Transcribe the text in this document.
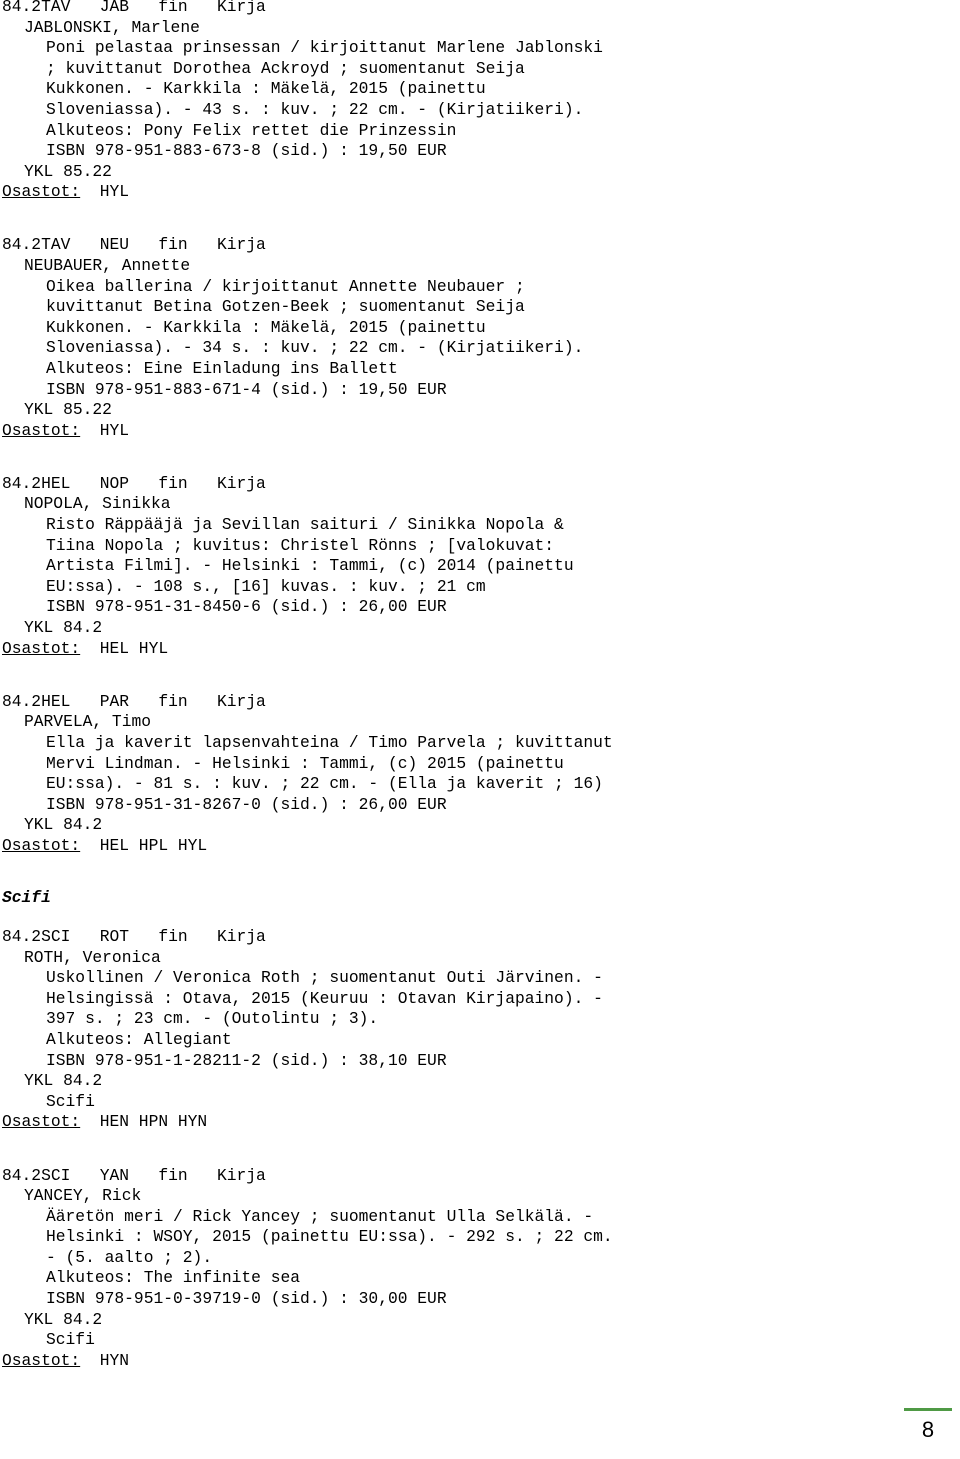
84.2TAV   JAB   fin   Kirja
JABLONSKI, Marlene
Poni pelastaa prinsessan / kirjoittanut Marlene Jablonski
; kuvittanut Dorothea Ackroyd ; suomentanut Seija
Kukkonen. - Karkkila : Mäkelä, 2015 (painettu
Sloveniassa). - 43 s. : kuv. ; 22 cm. - (Kirjatiikeri).
Alkuteos: Pony Felix rettet die Prinzessin
ISBN 978-951-883-673-8 (sid.) : 19,50 EUR
YKL 85.22
Osastot: HYL
84.2TAV   NEU   fin   Kirja
NEUBAUER, Annette
Oikea ballerina / kirjoittanut Annette Neubauer ;
kuvittanut Betina Gotzen-Beek ; suomentanut Seija
Kukkonen. - Karkkila : Mäkelä, 2015 (painettu
Sloveniassa). - 34 s. : kuv. ; 22 cm. - (Kirjatiikeri).
Alkuteos: Eine Einladung ins Ballett
ISBN 978-951-883-671-4 (sid.) : 19,50 EUR
YKL 85.22
Osastot: HYL
84.2HEL   NOP   fin   Kirja
NOPOLA, Sinikka
Risto Räppääjä ja Sevillan saituri / Sinikka Nopola &
Tiina Nopola ; kuvitus: Christel Rönns ; [valokuvat:
Artista Filmi]. - Helsinki : Tammi, (c) 2014 (painettu
EU:ssa). - 108 s., [16] kuvas. : kuv. ; 21 cm
ISBN 978-951-31-8450-6 (sid.) : 26,00 EUR
YKL 84.2
Osastot: HEL HYL
84.2HEL   PAR   fin   Kirja
PARVELA, Timo
Ella ja kaverit lapsenvahteina / Timo Parvela ; kuvittanut
Mervi Lindman. - Helsinki : Tammi, (c) 2015 (painettu
EU:ssa). - 81 s. : kuv. ; 22 cm. - (Ella ja kaverit ; 16)
ISBN 978-951-31-8267-0 (sid.) : 26,00 EUR
YKL 84.2
Osastot: HEL HPL HYL
Scifi
84.2SCI   ROT   fin   Kirja
ROTH, Veronica
Uskollinen / Veronica Roth ; suomentanut Outi Järvinen. -
Helsingissä : Otava, 2015 (Keuruu : Otavan Kirjapaino). -
397 s. ; 23 cm. - (Outolintu ; 3).
Alkuteos: Allegiant
ISBN 978-951-1-28211-2 (sid.) : 38,10 EUR
YKL 84.2
Scifi
Osastot: HEN HPN HYN
84.2SCI   YAN   fin   Kirja
YANCEY, Rick
Ääretön meri / Rick Yancey ; suomentanut Ulla Selkälä. -
Helsinki : WSOY, 2015 (painettu EU:ssa). - 292 s. ; 22 cm.
- (5. aalto ; 2).
Alkuteos: The infinite sea
ISBN 978-951-0-39719-0 (sid.) : 30,00 EUR
YKL 84.2
Scifi
Osastot: HYN
8
